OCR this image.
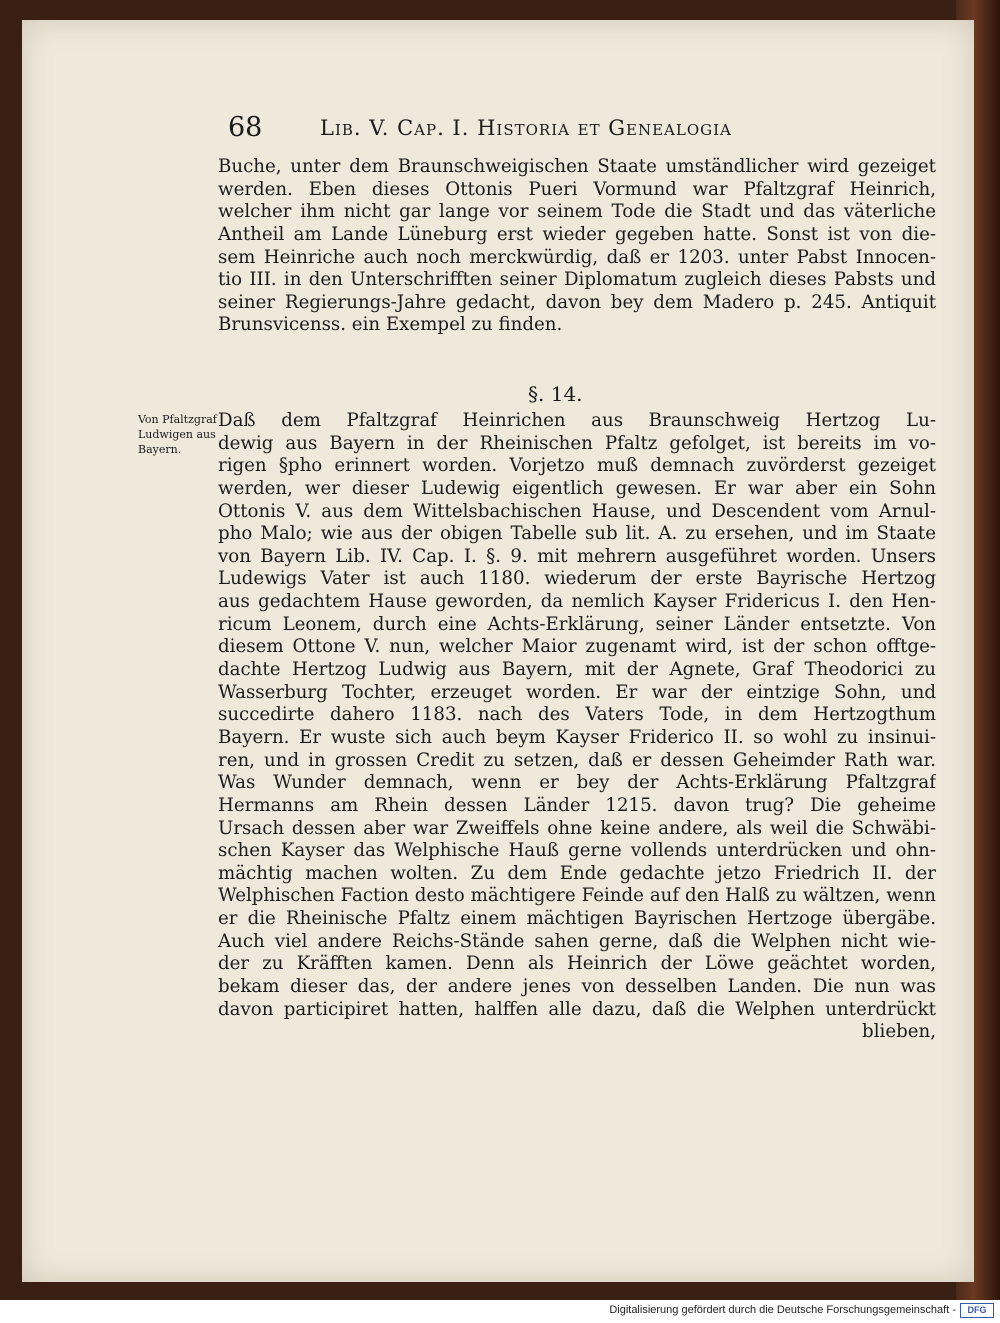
68	Lib. V. Cap. I. Historia et Genealogia
Buche, unter dem Braunschweigischen Staate umständlicher wird gezeiget
werden. Eben dieses Ottonis Pueri Vormund war Pfaltzgraf Heinrich,
welcher ihm nicht gar lange vor seinem Tode die Stadt und das väterliche
Antheil am Lande Lüneburg erst wieder gegeben hatte. Sonst ist von die-
sem Heinriche auch noch merckwürdig, daß er 1203. unter Pabst Innocen-
tio III. in den Unterschrifften seiner Diplomatum zugleich dieses Pabsts und
seiner Regierungs-Jahre gedacht, davon bey dem Madero p. 245. Antiquit
Brunsvicenss. ein Exempel zu finden.
§. 14.
Von Pfaltzgraf Ludwigen aus Bayern.
Daß dem Pfaltzgraf Heinrichen aus Braunschweig Hertzog Lu-
dewig aus Bayern in der Rheinischen Pfaltz gefolget, ist bereits im vo-
rigen §pho erinnert worden. Vorjetzo muß demnach zuvörderst gezeiget
werden, wer dieser Ludewig eigentlich gewesen. Er war aber ein Sohn
Ottonis V. aus dem Wittelsbachischen Hause, und Descendent vom Arnul-
pho Malo; wie aus der obigen Tabelle sub lit. A. zu ersehen, und im Staate
von Bayern Lib. IV. Cap. I. §. 9. mit mehrern ausgeführet worden. Unsers
Ludewigs Vater ist auch 1180. wiederum der erste Bayrische Hertzog
aus gedachtem Hause geworden, da nemlich Kayser Fridericus I. den Hen-
ricum Leonem, durch eine Achts-Erklärung, seiner Länder entsetzte. Von
diesem Ottone V. nun, welcher Maior zugenamt wird, ist der schon offtge-
dachte Hertzog Ludwig aus Bayern, mit der Agnete, Graf Theodorici zu
Wasserburg Tochter, erzeuget worden. Er war der eintzige Sohn, und
succedirte dahero 1183. nach des Vaters Tode, in dem Hertzogthum
Bayern. Er wuste sich auch beym Kayser Friderico II. so wohl zu insinui-
ren, und in grossen Credit zu setzen, daß er dessen Geheimder Rath war.
Was Wunder demnach, wenn er bey der Achts-Erklärung Pfaltzgraf
Hermanns am Rhein dessen Länder 1215. davon trug? Die geheime
Ursach dessen aber war Zweiffels ohne keine andere, als weil die Schwäbi-
schen Kayser das Welphische Hauß gerne vollends unterdrücken und ohn-
mächtig machen wolten. Zu dem Ende gedachte jetzo Friedrich II. der
Welphischen Faction desto mächtigere Feinde auf den Halß zu wältzen, wenn
er die Rheinische Pfaltz einem mächtigen Bayrischen Hertzoge übergäbe.
Auch viel andere Reichs-Stände sahen gerne, daß die Welphen nicht wie-
der zu Kräfften kamen. Denn als Heinrich der Löwe geächtet worden,
bekam dieser das, der andere jenes von desselben Landen. Die nun was
davon participiret hatten, halffen alle dazu, daß die Welphen unterdrückt
blieben,
Digitalisierung gefördert durch die Deutsche Forschungsgemeinschaft -	DFG
